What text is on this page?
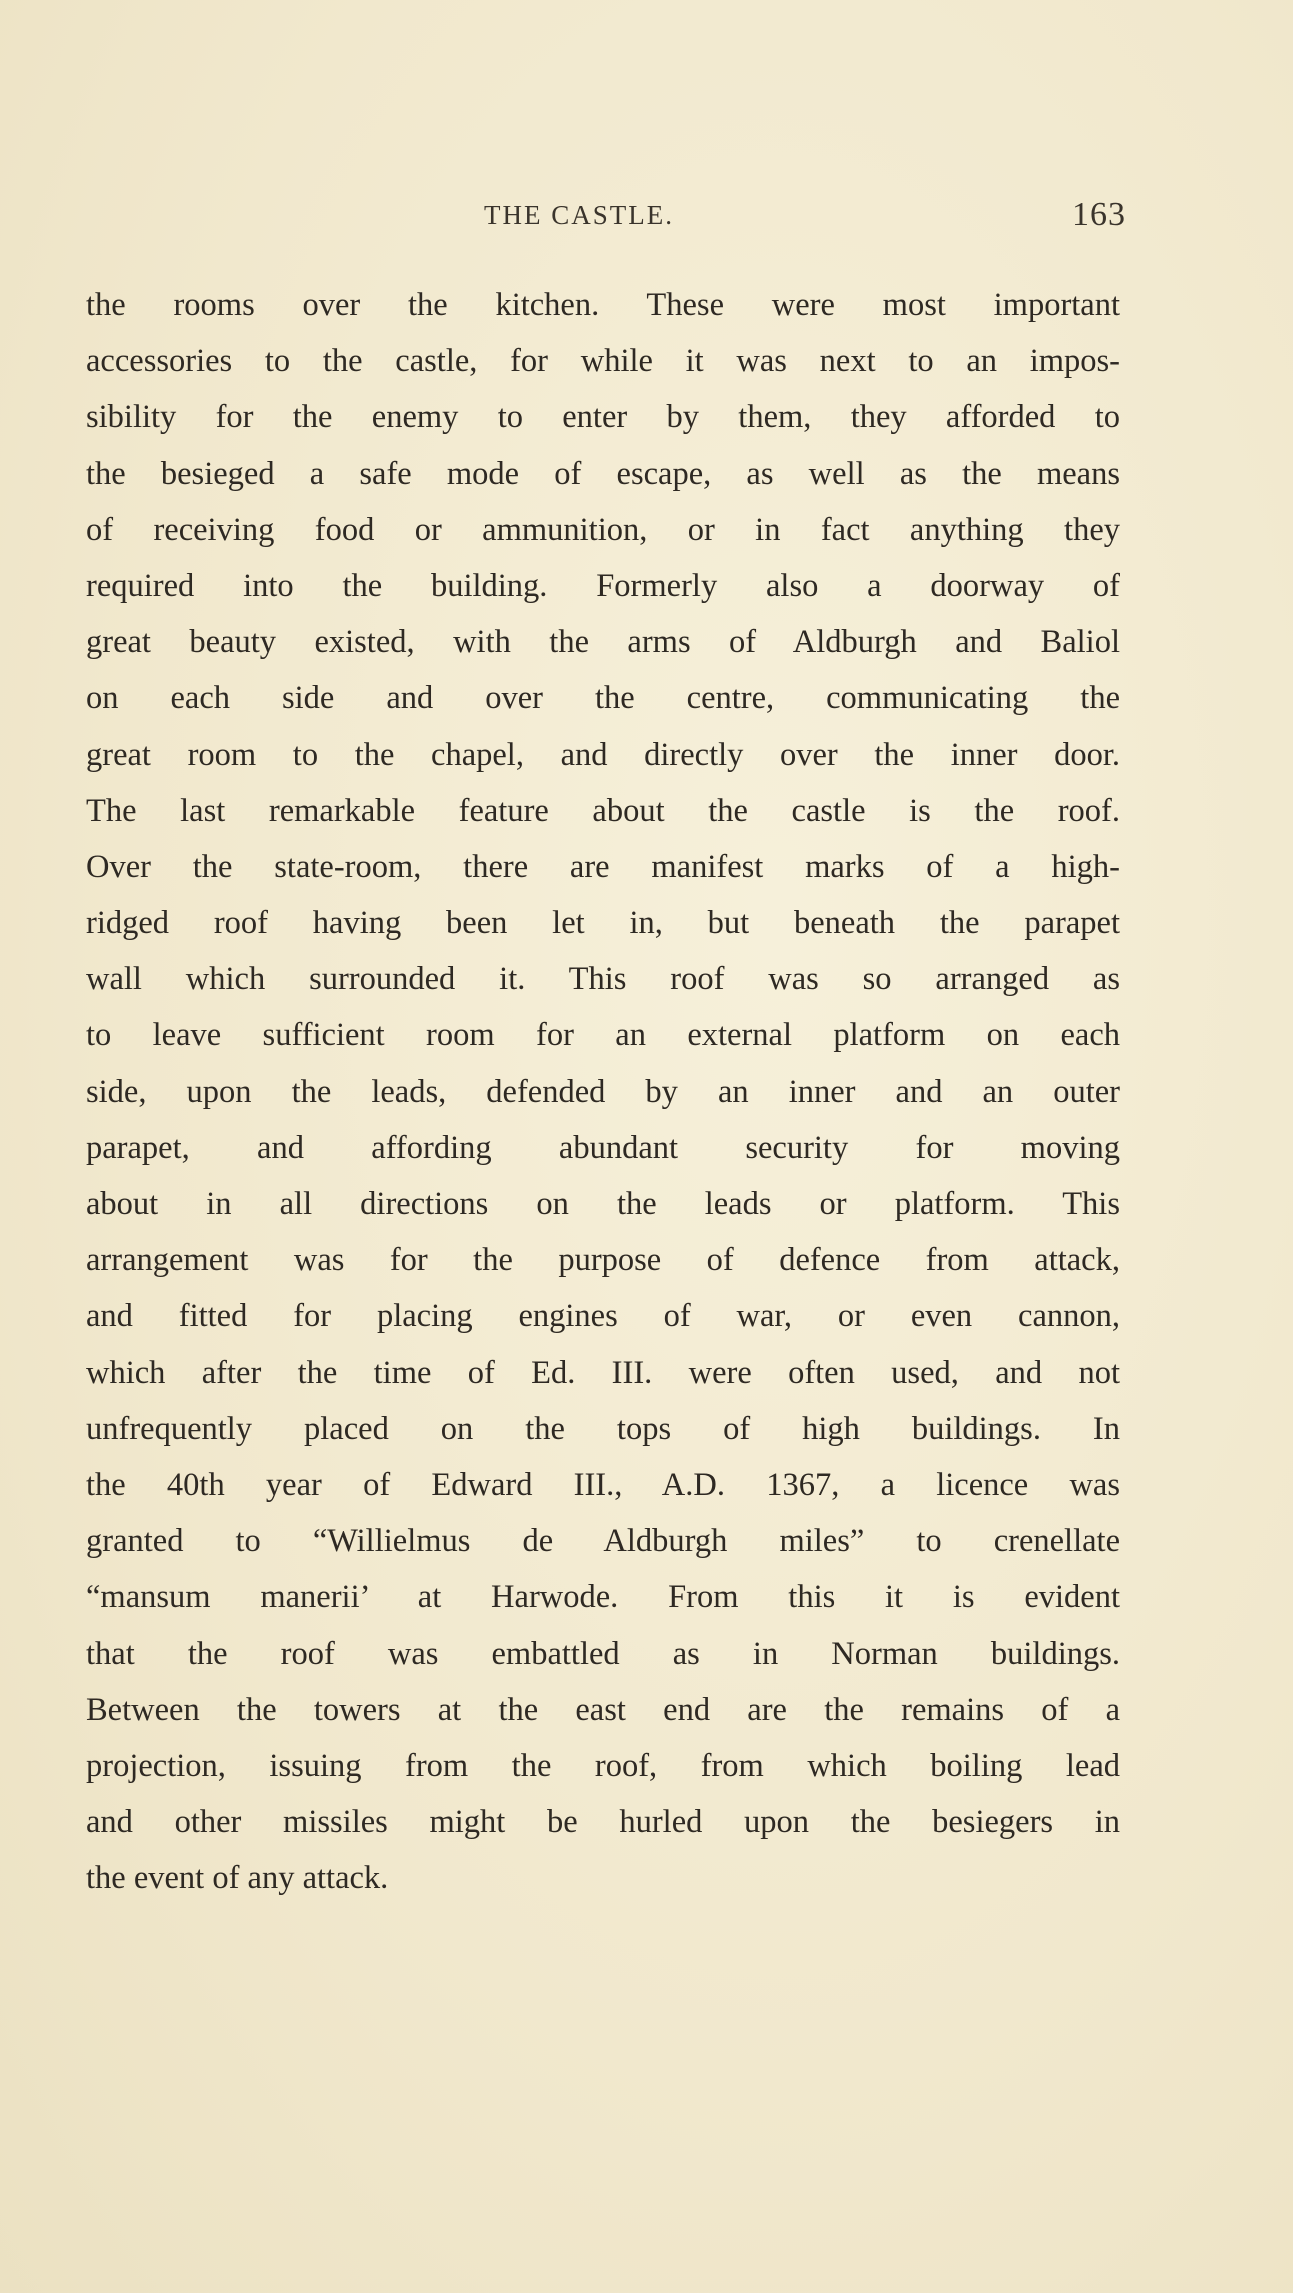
THE CASTLE.	163
the rooms over the kitchen. These were most important
accessories to the castle, for while it was next to an impos-
sibility for the enemy to enter by them, they afforded to
the besieged a safe mode of escape, as well as the means
of receiving food or ammunition, or in fact anything they
required into the building. Formerly also a doorway of
great beauty existed, with the arms of Aldburgh and Baliol
on each side and over the centre, communicating the
great room to the chapel, and directly over the inner door.
The last remarkable feature about the castle is the roof.
Over the state-room, there are manifest marks of a high-
ridged roof having been let in, but beneath the parapet
wall which surrounded it. This roof was so arranged as
to leave sufficient room for an external platform on each
side, upon the leads, defended by an inner and an outer
parapet, and affording abundant security for moving
about in all directions on the leads or platform. This
arrangement was for the purpose of defence from attack,
and fitted for placing engines of war, or even cannon,
which after the time of Ed. III. were often used, and not
unfrequently placed on the tops of high buildings. In
the 40th year of Edward III., A.D. 1367, a licence was
granted to “Willielmus de Aldburgh miles” to crenellate
“mansum manerii’ at Harwode. From this it is evident
that the roof was embattled as in Norman buildings.
Between the towers at the east end are the remains of a
projection, issuing from the roof, from which boiling lead
and other missiles might be hurled upon the besiegers in
the event of any attack.
